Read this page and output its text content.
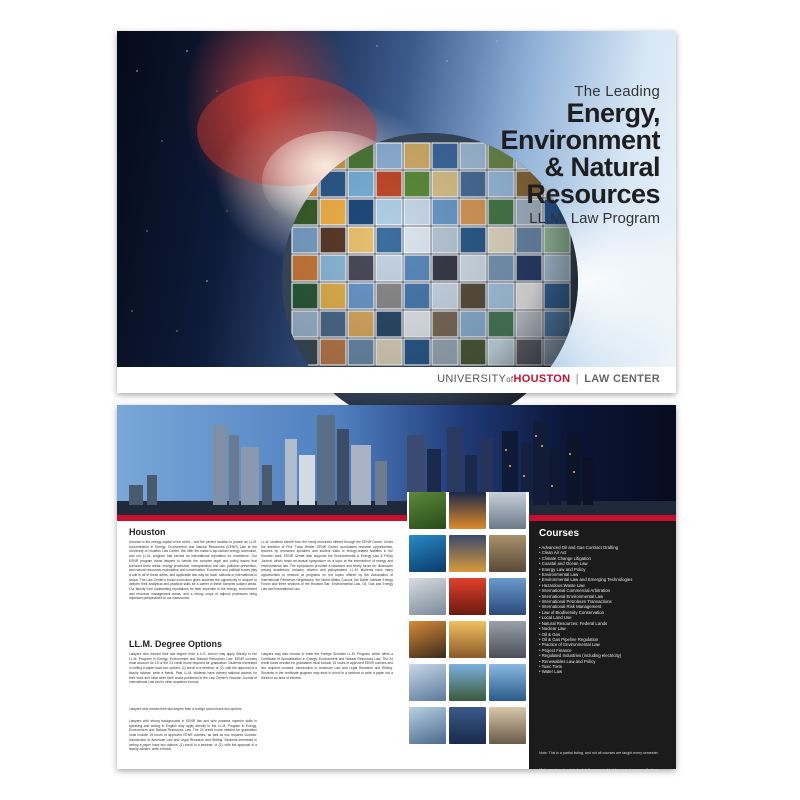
The Leading
Energy,
Environment
& Natural
Resources
LL.M. Law Program
UNIVERSITYofHOUSTON | LAW CENTER
Houston
Houston is the energy capital of the world – and the perfect location to pursue an LL.M. concentration in Energy, Environment and Natural Resources (EENR) Law at the University of Houston Law Center. We offer the nation's top-ranked energy curriculum, and our LL.M. program has earned an international reputation for excellence. Our EENR program trains lawyers to handle the complex legal and policy issues that surround three areas: energy production, transportation and use; pollution prevention; and natural resources exploitation and conservation. Economic and political forces play a role in all of these areas, and applicable law may be local, national or international in scope. The Law Center's broad curriculum gives students the opportunity to acquire or deepen their analytical and practical skills for a career in these complex subject areas. Our faculty hold outstanding reputations for their expertise in the energy, environment and resource management areas, and a strong corps of adjunct professors bring important perspectives to our classrooms.
LL.M. students benefit from the many resources offered through the EENR Center. Under the direction of Prof. Tracy Hester, EENR Center coordinates research opportunities, lectures by renowned speakers and student visits to energy-related facilities in the Houston area. EENR Center also supports the Environmental & Energy Law & Policy Journal, which hosts an annual symposium on a topic at the intersection of energy and environmental law. The symposium provides a balanced and timely forum for discussion among academics, industry, citizens and policymakers. LL.M. students have many opportunities to network at programs on hot topics offered by the Association of International Petroleum Negotiators, the World Affairs Council, the Baker Institute Energy Forum and three sections of the Houston Bar: Environmental Law, Oil, Gas and Energy Law and International Law.
LL.M. Degree Options
Lawyers who earned their law degree from a U.S. school may apply directly to the LL.M. Program in Energy, Environment and Natural Resources Law. EENR courses must account for 15 of the 24 credit hours required for graduation. Students interested in writing a paper have two options: (1) enroll in a seminar; or (2), with the approval of a faculty adviser, write a thesis. Past LL.M. students have earned national awards for their work and have seen their works published in the Law Center's Houston Journal of International Law and in other academic forums.
Lawyers who earned their law degree from a foreign school have two options:
Lawyers with strong backgrounds in EENR law and who possess superior skills in speaking and writing in English may apply directly to the LL.M. Program in Energy, Environment and Natural Resources Law. The 24 credit hours needed for graduation must include 15 hours of approved EENR courses, as well as two required courses: Introduction to American Law and Legal Research and Writing. Students interested in writing a paper have two options: (1) enroll in a seminar; or (2), with the approval of a faculty adviser, write a thesis.
Lawyers may also choose to enter the Foreign Scholars LL.M. Program, which offers a Certificate of Specialization in Energy, Environment and Natural Resources Law. The 24 credit hours needed for graduation must include 15 hours of approved EENR courses and two required courses: Introduction to American Law and Legal Research and Writing. Students in the certificate program may elect to enroll in a seminar to write a paper but a thesis in an area of interest.
Courses
• Advanced Oil and Gas Contract Drafting
• Clean Air Act
• Climate Change Litigation
• Coastal and Ocean Law
• Energy Law and Policy
• Environmental Law
• Environmental Law and Emerging Technologies
• Hazardous Waste Law
• International Commercial Arbitration
• International Environmental Law
• International Petroleum Transactions
• International Risk Management
• Law of Biodiversity Conservation
• Local Land Use
• Natural Resources: Federal Lands
• Nuclear Law
• Oil & Gas
• Oil & Gas Pipeline Regulation
• Practice of Environmental Law
• Project Finance
• Regulated Industries (including electricity)
• Renewables Law and Policy
• Toxic Torts
• Water Law
Note: This is a partial listing, and not all courses are taught every semester.
Visit www.law.uh.edu/schedule/homepage.html for current course offerings.
